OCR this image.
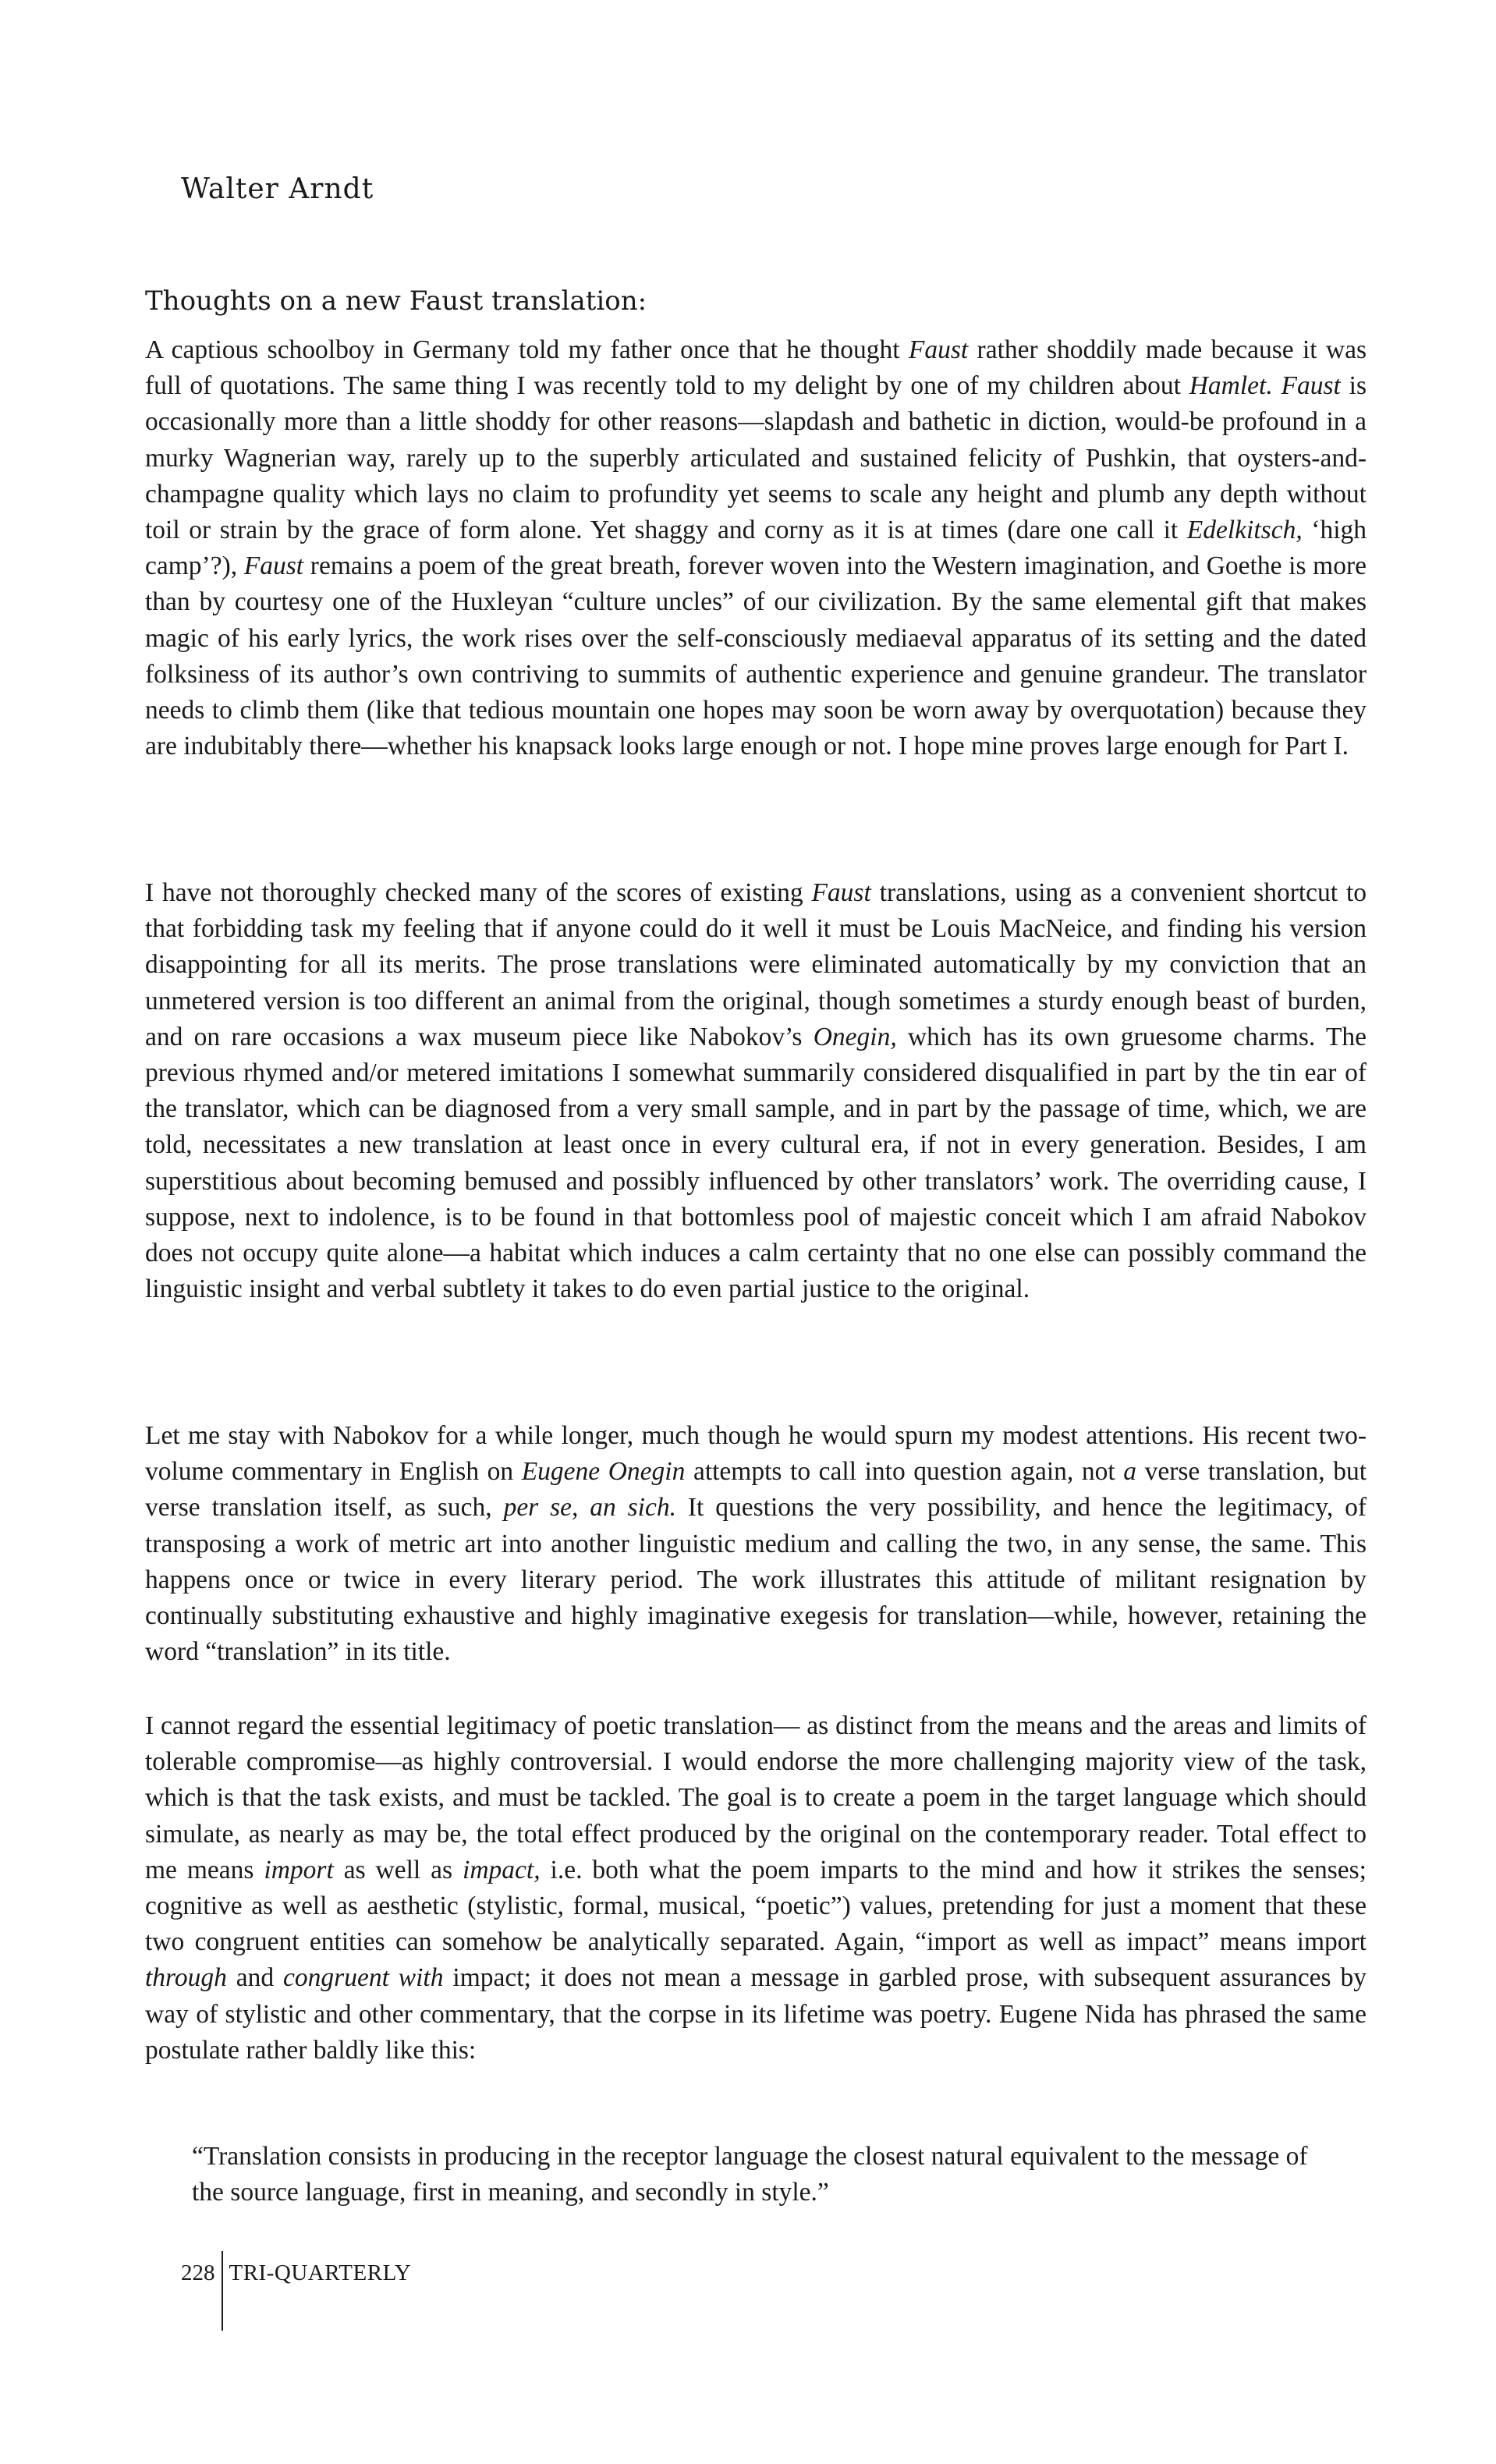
Walter Arndt
Thoughts on a new Faust translation:

A captious schoolboy in Germany told my father once that he thought Faust rather shoddily made because it was full of quotations. The same thing I was recently told to my delight by one of my children about Hamlet. Faust is occasionally more than a little shoddy for other reasons—slapdash and bathetic in diction, would-be profound in a murky Wagnerian way, rarely up to the superbly articulated and sustained felicity of Pushkin, that oysters-and-champagne quality which lays no claim to profundity yet seems to scale any height and plumb any depth without toil or strain by the grace of form alone. Yet shaggy and corny as it is at times (dare one call it Edelkitsch, ‘high camp’?), Faust remains a poem of the great breath, forever woven into the Western imagination, and Goethe is more than by courtesy one of the Huxleyan “culture uncles” of our civilization. By the same elemental gift that makes magic of his early lyrics, the work rises over the self-consciously mediaeval apparatus of its setting and the dated folksiness of its author’s own contriving to summits of authentic experience and genuine grandeur. The translator needs to climb them (like that tedious mountain one hopes may soon be worn away by overquotation) because they are indubitably there—whether his knapsack looks large enough or not. I hope mine proves large enough for Part I.

I have not thoroughly checked many of the scores of existing Faust translations, using as a convenient shortcut to that forbidding task my feeling that if anyone could do it well it must be Louis MacNeice, and finding his version disappointing for all its merits. The prose translations were eliminated automatically by my conviction that an unmetered version is too different an animal from the original, though sometimes a sturdy enough beast of burden, and on rare occasions a wax museum piece like Nabokov’s Onegin, which has its own gruesome charms. The previous rhymed and/or metered imitations I somewhat summarily considered disqualified in part by the tin ear of the translator, which can be diagnosed from a very small sample, and in part by the passage of time, which, we are told, necessitates a new translation at least once in every cultural era, if not in every generation. Besides, I am superstitious about becoming bemused and possibly influenced by other translators’ work. The overriding cause, I suppose, next to indolence, is to be found in that bottomless pool of majestic conceit which I am afraid Nabokov does not occupy quite alone—a habitat which induces a calm certainty that no one else can possibly command the linguistic insight and verbal subtlety it takes to do even partial justice to the original.

Let me stay with Nabokov for a while longer, much though he would spurn my modest attentions. His recent two-volume commentary in English on Eugene Onegin attempts to call into question again, not a verse translation, but verse translation itself, as such, per se, an sich. It questions the very possibility, and hence the legitimacy, of transposing a work of metric art into another linguistic medium and calling the two, in any sense, the same. This happens once or twice in every literary period. The work illustrates this attitude of militant resignation by continually substituting exhaustive and highly imaginative exegesis for translation—while, however, retaining the word “translation” in its title.

I cannot regard the essential legitimacy of poetic translation— as distinct from the means and the areas and limits of tolerable compromise—as highly controversial. I would endorse the more challenging majority view of the task, which is that the task exists, and must be tackled. The goal is to create a poem in the target language which should simulate, as nearly as may be, the total effect produced by the original on the contemporary reader. Total effect to me means import as well as impact, i.e. both what the poem imparts to the mind and how it strikes the senses; cognitive as well as aesthetic (stylistic, formal, musical, “poetic”) values, pretending for just a moment that these two congruent entities can somehow be analytically separated. Again, “import as well as impact” means import through and congruent with impact; it does not mean a message in garbled prose, with subsequent assurances by way of stylistic and other commentary, that the corpse in its lifetime was poetry. Eugene Nida has phrased the same postulate rather baldly like this:

“Translation consists in producing in the receptor language the closest natural equivalent to the message of the source language, first in meaning, and secondly in style.”

228 TRI-QUARTERLY
